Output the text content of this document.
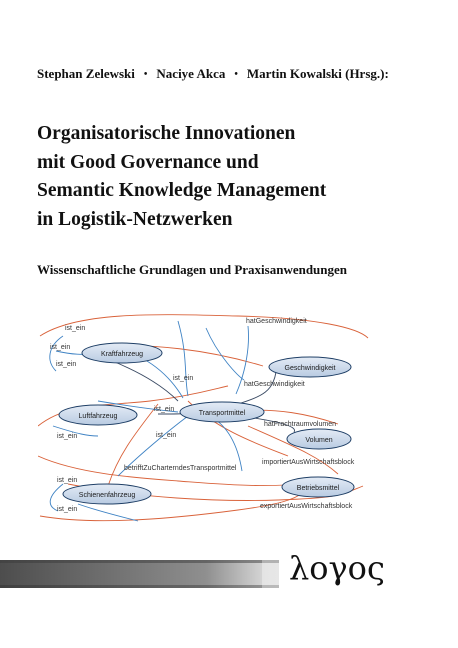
Stephan Zelewski • Naciye Akca • Martin Kowalski (Hrsg.):
Organisatorische Innovationen
mit Good Governance und
Semantic Knowledge Management
in Logistik-Netzwerken
Wissenschaftliche Grundlagen und Praxisanwendungen
Kraftfahrzeug
Geschwindigkeit
Luftfahrzeug	Transportmittel
Volumen
Betriebsmittel
Schienenfahrzeug
ist_ein
ist_ein
ist_ein
ist_ein
ist_ein
ist_ein	ist_ein
ist_ein
ist_ein
hatGeschwindigkeit
hatGeschwindigkeit
hatFrachtraumvolumen
importiertAusWirtschaftsblock
betrifftZuCharterndesTransportmittel
exportiertAusWirtschaftsblock
λογος
